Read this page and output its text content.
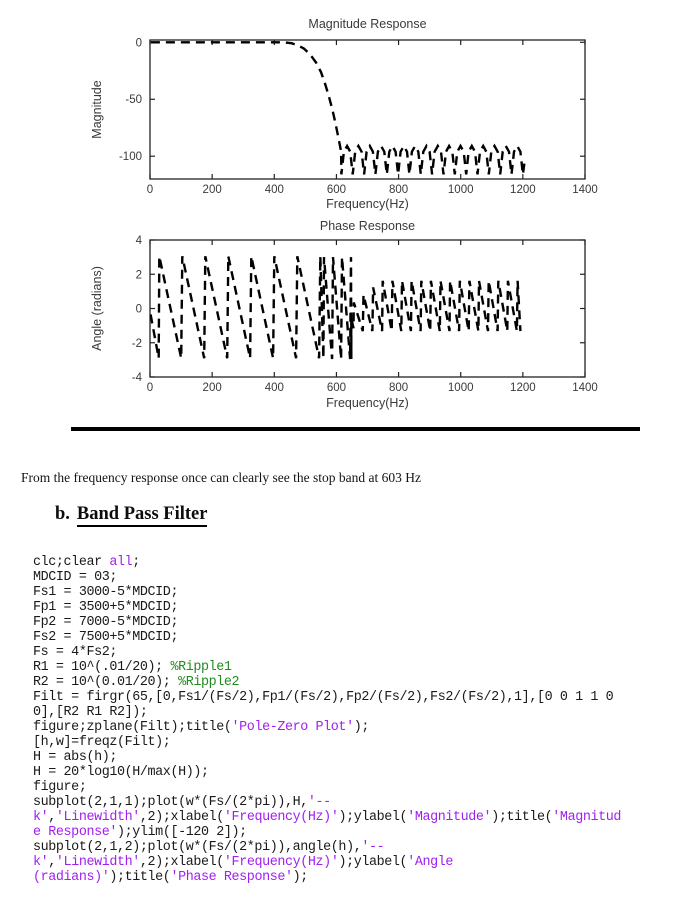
0	200	400	600	800	1000	1200	1400
0
-50
-100
Magnitude Response
Frequency(Hz)
Magnitude
0	200	400	600	800	1000	1200	1400
4
2
0
-2
-4
Phase Response
Frequency(Hz)
Angle (radians)

From the frequency response once can clearly see the stop band at 603 Hz

b. Band Pass Filter
clc;clear all;
MDCID = 03;
Fs1 = 3000-5*MDCID;
Fp1 = 3500+5*MDCID;
Fp2 = 7000-5*MDCID;
Fs2 = 7500+5*MDCID;
Fs = 4*Fs2;
R1 = 10^(.01/20); %Ripple1
R2 = 10^(0.01/20); %Ripple2
Filt = firgr(65,[0,Fs1/(Fs/2),Fp1/(Fs/2),Fp2/(Fs/2),Fs2/(Fs/2),1],[0 0 1 1 0
0],[R2 R1 R2]);
figure;zplane(Filt);title('Pole-Zero Plot');
[h,w]=freqz(Filt);
H = abs(h);
H = 20*log10(H/max(H));
figure;
subplot(2,1,1);plot(w*(Fs/(2*pi)),H,'--
k','Linewidth',2);xlabel('Frequency(Hz)');ylabel('Magnitude');title('Magnitud
e Response');ylim([-120 2]);
subplot(2,1,2);plot(w*(Fs/(2*pi)),angle(h),'--
k','Linewidth',2);xlabel('Frequency(Hz)');ylabel('Angle
(radians)');title('Phase Response');
